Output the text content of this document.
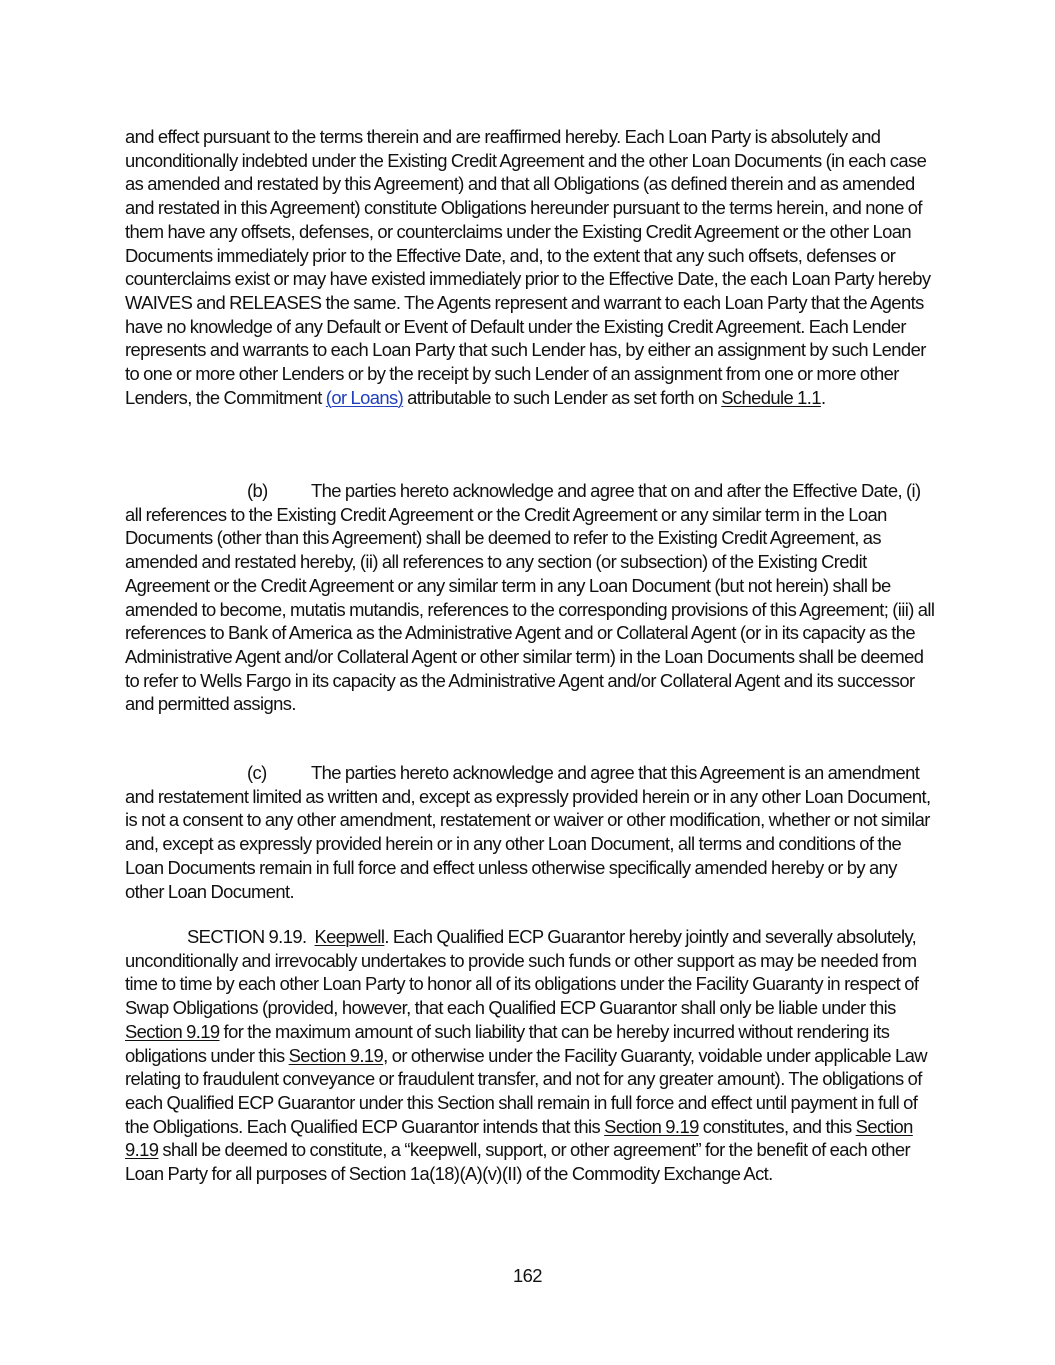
and effect pursuant to the terms therein and are reaffirmed hereby. Each Loan Party is absolutely and unconditionally indebted under the Existing Credit Agreement and the other Loan Documents (in each case as amended and restated by this Agreement) and that all Obligations (as defined therein and as amended and restated in this Agreement) constitute Obligations hereunder pursuant to the terms herein, and none of them have any offsets, defenses, or counterclaims under the Existing Credit Agreement or the other Loan Documents immediately prior to the Effective Date, and, to the extent that any such offsets, defenses or counterclaims exist or may have existed immediately prior to the Effective Date, the each Loan Party hereby WAIVES and RELEASES the same. The Agents represent and warrant to each Loan Party that the Agents have no knowledge of any Default or Event of Default under the Existing Credit Agreement. Each Lender represents and warrants to each Loan Party that such Lender has, by either an assignment by such Lender to one or more other Lenders or by the receipt by such Lender of an assignment from one or more other Lenders, the Commitment (or Loans) attributable to such Lender as set forth on Schedule 1.1.

(b) The parties hereto acknowledge and agree that on and after the Effective Date, (i) all references to the Existing Credit Agreement or the Credit Agreement or any similar term in the Loan Documents (other than this Agreement) shall be deemed to refer to the Existing Credit Agreement, as amended and restated hereby, (ii) all references to any section (or subsection) of the Existing Credit Agreement or the Credit Agreement or any similar term in any Loan Document (but not herein) shall be amended to become, mutatis mutandis, references to the corresponding provisions of this Agreement; (iii) all references to Bank of America as the Administrative Agent and or Collateral Agent (or in its capacity as the Administrative Agent and/or Collateral Agent or other similar term) in the Loan Documents shall be deemed to refer to Wells Fargo in its capacity as the Administrative Agent and/or Collateral Agent and its successor and permitted assigns.

(c) The parties hereto acknowledge and agree that this Agreement is an amendment and restatement limited as written and, except as expressly provided herein or in any other Loan Document, is not a consent to any other amendment, restatement or waiver or other modification, whether or not similar and, except as expressly provided herein or in any other Loan Document, all terms and conditions of the Loan Documents remain in full force and effect unless otherwise specifically amended hereby or by any other Loan Document.

SECTION 9.19. Keepwell. Each Qualified ECP Guarantor hereby jointly and severally absolutely, unconditionally and irrevocably undertakes to provide such funds or other support as may be needed from time to time by each other Loan Party to honor all of its obligations under the Facility Guaranty in respect of Swap Obligations (provided, however, that each Qualified ECP Guarantor shall only be liable under this Section 9.19 for the maximum amount of such liability that can be hereby incurred without rendering its obligations under this Section 9.19, or otherwise under the Facility Guaranty, voidable under applicable Law relating to fraudulent conveyance or fraudulent transfer, and not for any greater amount). The obligations of each Qualified ECP Guarantor under this Section shall remain in full force and effect until payment in full of the Obligations. Each Qualified ECP Guarantor intends that this Section 9.19 constitutes, and this Section 9.19 shall be deemed to constitute, a “keepwell, support, or other agreement” for the benefit of each other Loan Party for all purposes of Section 1a(18)(A)(v)(II) of the Commodity Exchange Act.

162
